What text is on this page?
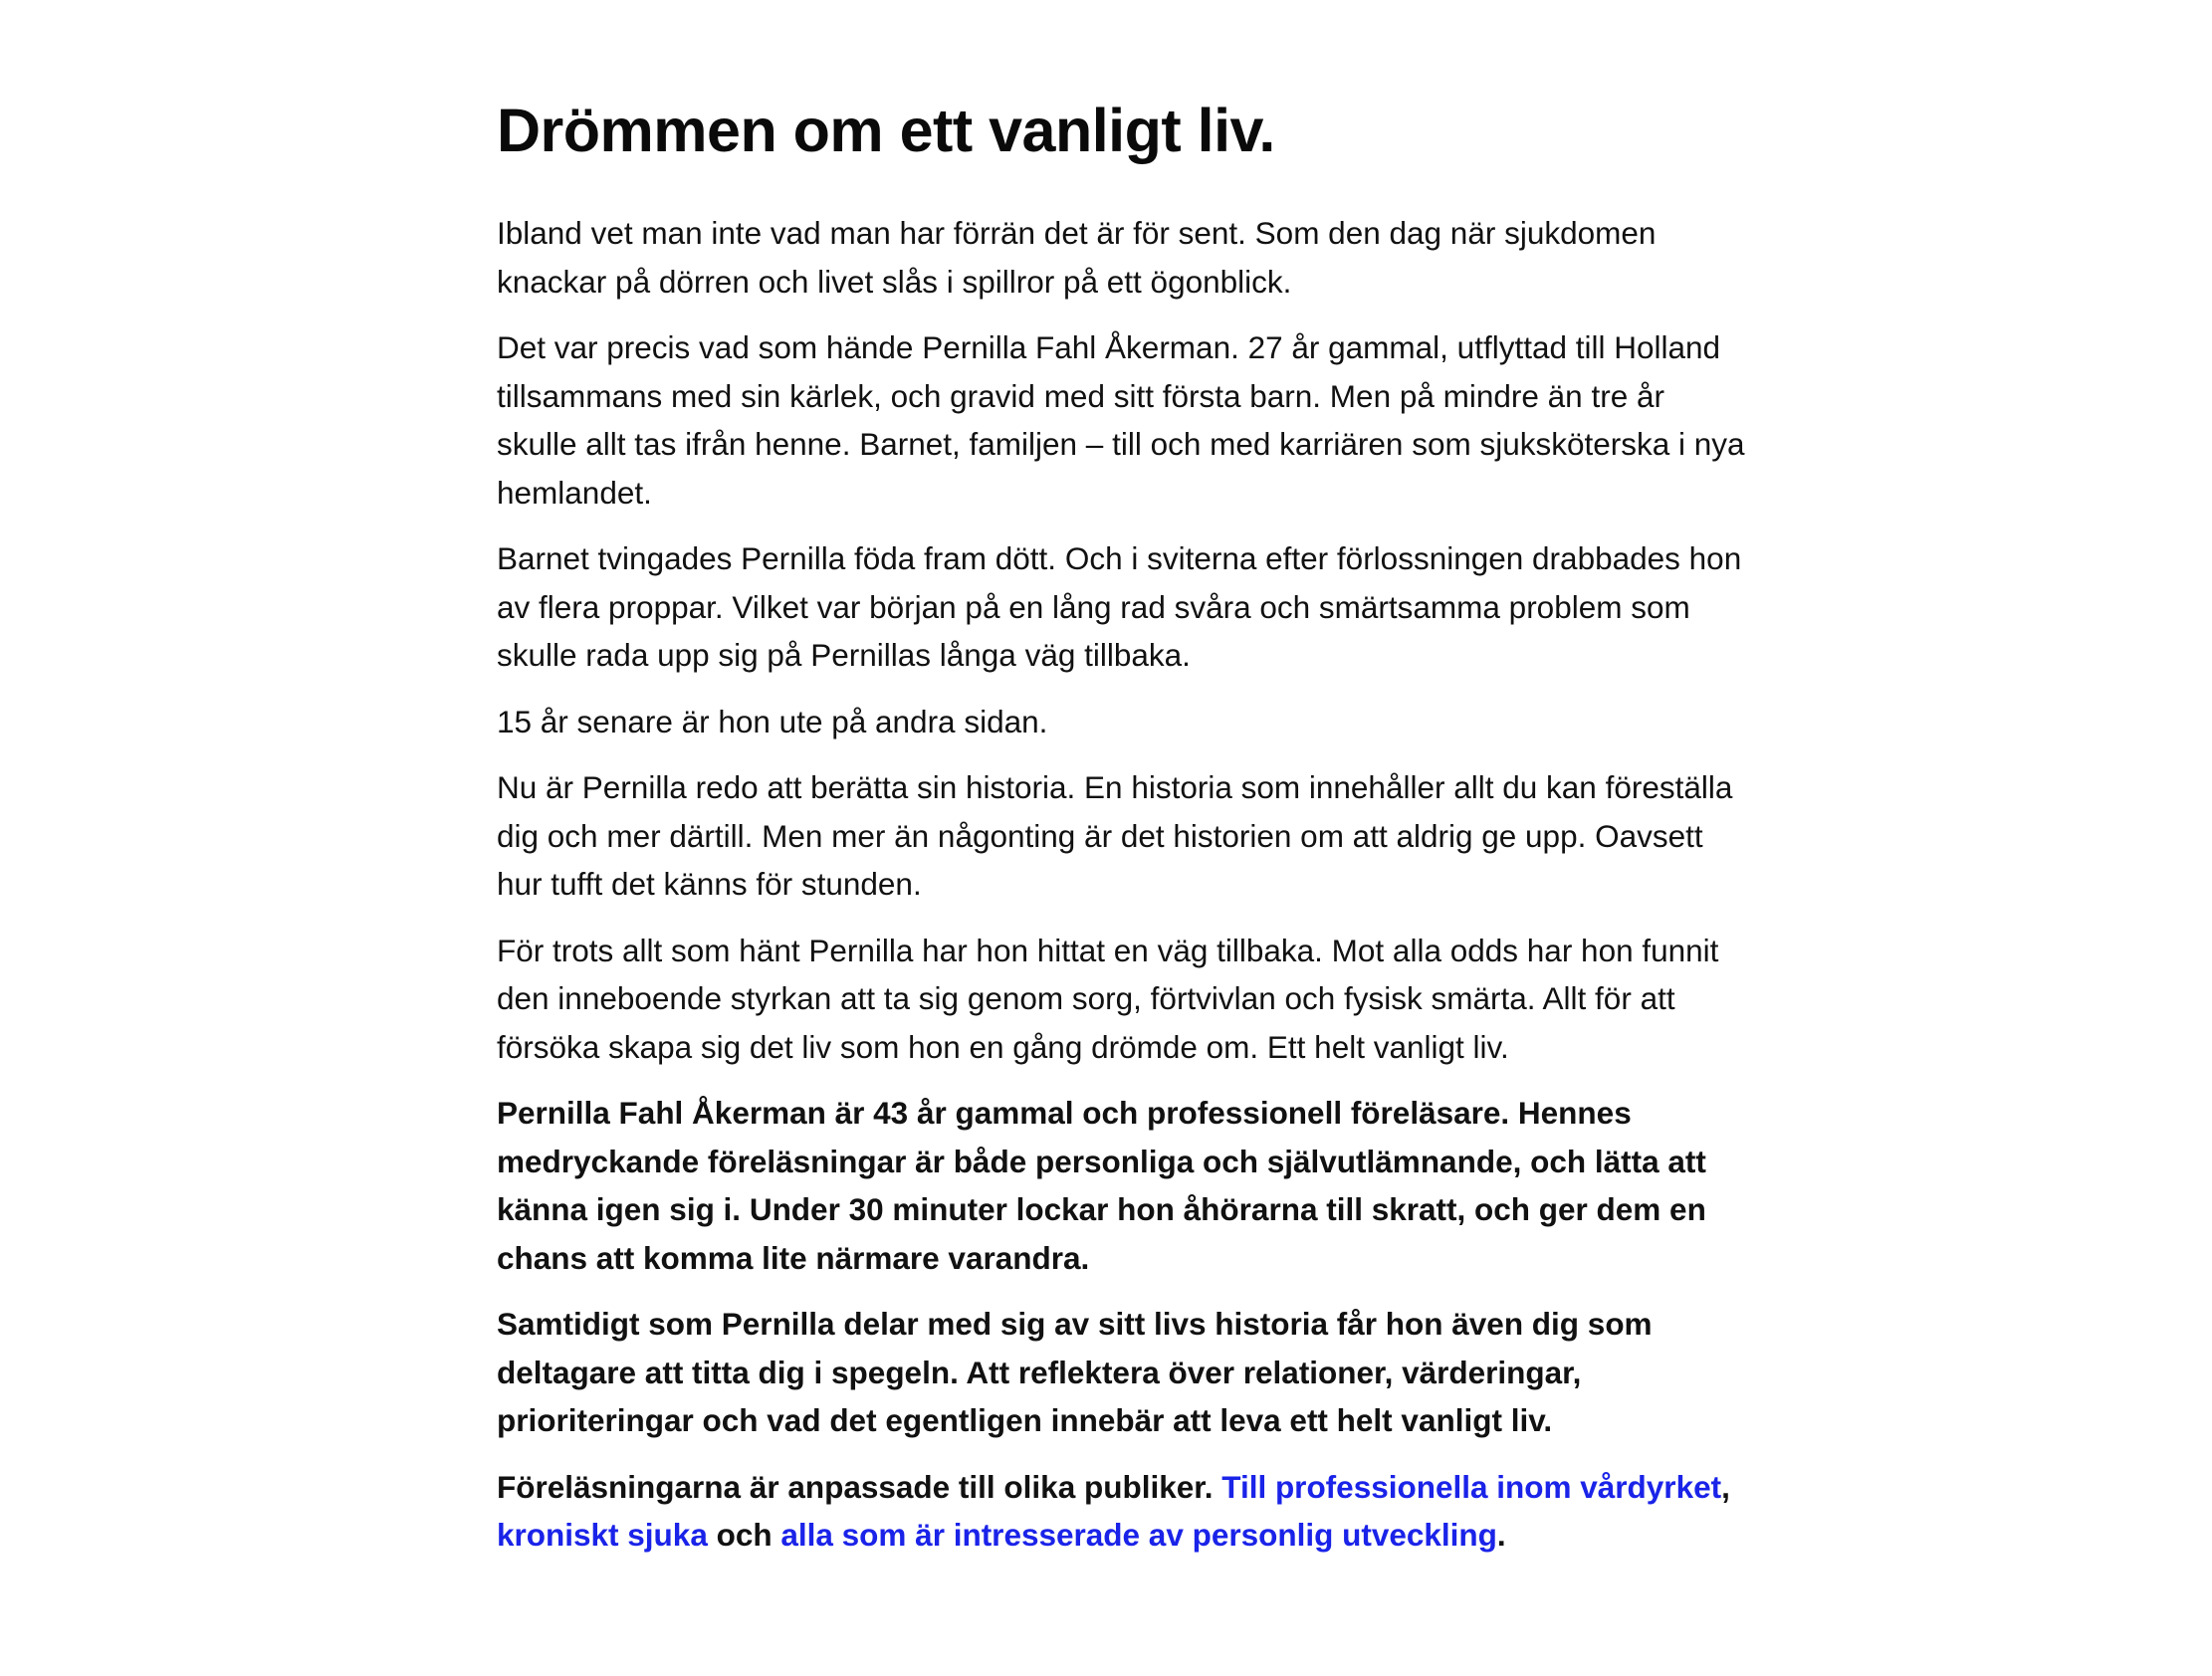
Drömmen om ett vanligt liv.

Ibland vet man inte vad man har förrän det är för sent. Som den dag när sjukdomen knackar på dörren och livet slås i spillror på ett ögonblick.

Det var precis vad som hände Pernilla Fahl Åkerman. 27 år gammal, utflyttad till Holland tillsammans med sin kärlek, och gravid med sitt första barn. Men på mindre än tre år skulle allt tas ifrån henne. Barnet, familjen – till och med karriären som sjuksköterska i nya hemlandet.

Barnet tvingades Pernilla föda fram dött. Och i sviterna efter förlossningen drabbades hon av flera proppar. Vilket var början på en lång rad svåra och smärtsamma problem som skulle rada upp sig på Pernillas långa väg tillbaka.

15 år senare är hon ute på andra sidan.

Nu är Pernilla redo att berätta sin historia. En historia som innehåller allt du kan föreställa dig och mer därtill. Men mer än någonting är det historien om att aldrig ge upp. Oavsett hur tufft det känns för stunden.

För trots allt som hänt Pernilla har hon hittat en väg tillbaka. Mot alla odds har hon funnit den inneboende styrkan att ta sig genom sorg, förtvivlan och fysisk smärta. Allt för att försöka skapa sig det liv som hon en gång drömde om. Ett helt vanligt liv.

Pernilla Fahl Åkerman är 43 år gammal och professionell föreläsare. Hennes medryckande föreläsningar är både personliga och självutlämnande, och lätta att känna igen sig i. Under 30 minuter lockar hon åhörarna till skratt, och ger dem en chans att komma lite närmare varandra.

Samtidigt som Pernilla delar med sig av sitt livs historia får hon även dig som deltagare att titta dig i spegeln. Att reflektera över relationer, värderingar, prioriteringar och vad det egentligen innebär att leva ett helt vanligt liv.

Föreläsningarna är anpassade till olika publiker. Till professionella inom vårdyrket, kroniskt sjuka och alla som är intresserade av personlig utveckling.
